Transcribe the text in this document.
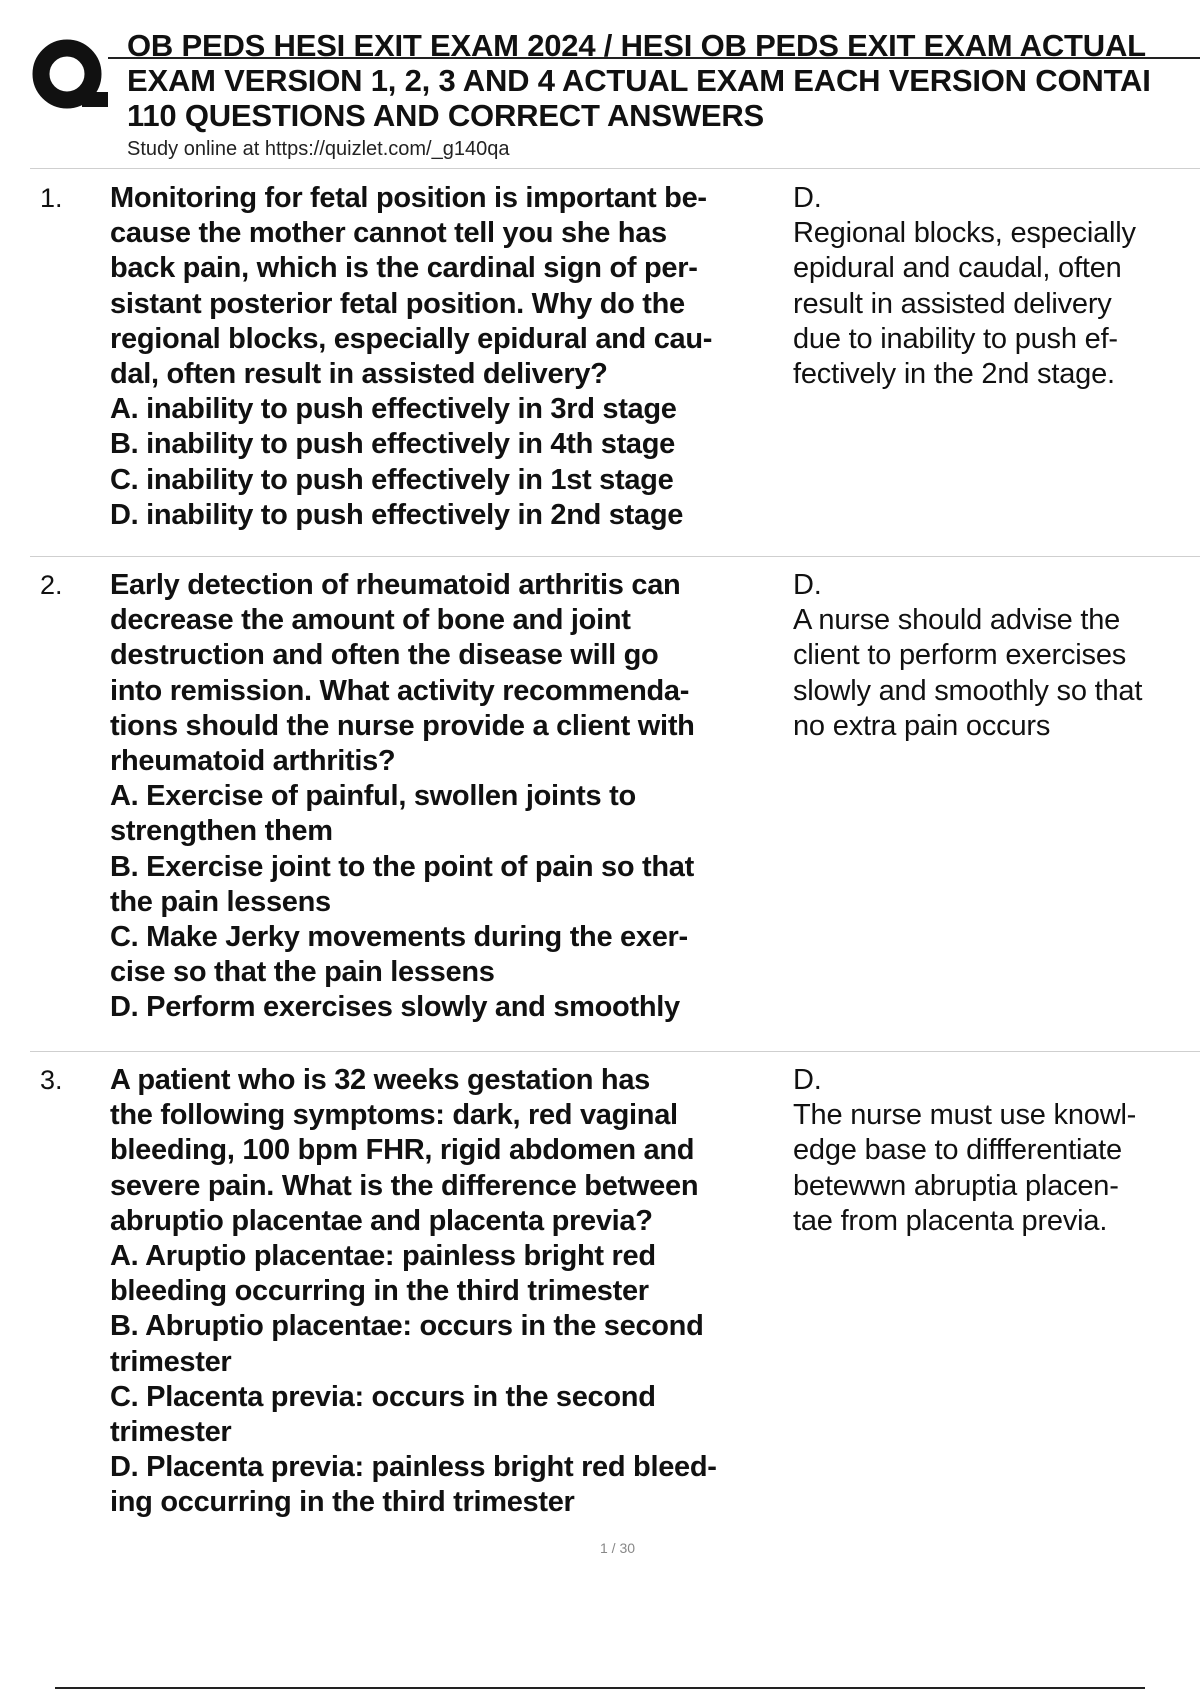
OB PEDS HESI EXIT EXAM 2024 / HESI OB PEDS EXIT EXAM ACTUAL
EXAM VERSION 1, 2, 3 AND 4 ACTUAL EXAM EACH VERSION CONTAI
110 QUESTIONS AND CORRECT ANSWERS
Study online at https://quizlet.com/_g140qa
1. Monitoring for fetal position is important be-
cause the mother cannot tell you she has
back pain, which is the cardinal sign of per-
sistant posterior fetal position. Why do the
regional blocks, especially epidural and cau-
dal, often result in assisted delivery?
A. inability to push effectively in 3rd stage
B. inability to push effectively in 4th stage
C. inability to push effectively in 1st stage
D. inability to push effectively in 2nd stage
D.
Regional blocks, especially
epidural and caudal, often
result in assisted delivery
due to inability to push ef-
fectively in the 2nd stage.
2. Early detection of rheumatoid arthritis can
decrease the amount of bone and joint
destruction and often the disease will go
into remission. What activity recommenda-
tions should the nurse provide a client with
rheumatoid arthritis?
A. Exercise of painful, swollen joints to
strengthen them
B. Exercise joint to the point of pain so that
the pain lessens
C. Make Jerky movements during the exer-
cise so that the pain lessens
D. Perform exercises slowly and smoothly
D.
A nurse should advise the
client to perform exercises
slowly and smoothly so that
no extra pain occurs
3. A patient who is 32 weeks gestation has
the following symptoms: dark, red vaginal
bleeding, 100 bpm FHR, rigid abdomen and
severe pain. What is the difference between
abruptio placentae and placenta previa?
A. Aruptio placentae: painless bright red
bleeding occurring in the third trimester
B. Abruptio placentae: occurs in the second
trimester
C. Placenta previa: occurs in the second
trimester
D. Placenta previa: painless bright red bleed-
ing occurring in the third trimester
D.
The nurse must use knowl-
edge base to diffferentiate
betewwn abruptia placen-
tae from placenta previa.
1 / 30
